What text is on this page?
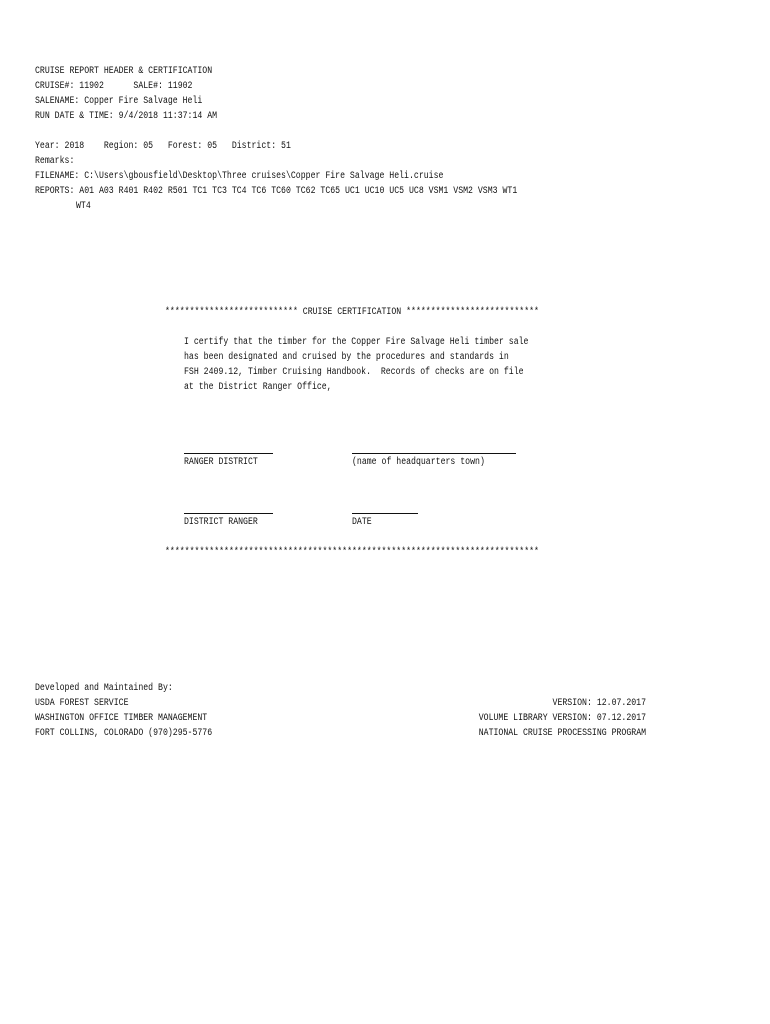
CRUISE REPORT HEADER & CERTIFICATION
CRUISE#: 11902      SALE#: 11902
SALENAME: Copper Fire Salvage Heli
RUN DATE & TIME: 9/4/2018 11:37:14 AM
Year: 2018    Region: 05   Forest: 05   District: 51
Remarks:
FILENAME: C:\Users\gbousfield\Desktop\Three cruises\Copper Fire Salvage Heli.cruise
REPORTS: A01 A03 R401 R402 R501 TC1 TC3 TC4 TC6 TC60 TC62 TC65 UC1 UC10 UC5 UC8 VSM1 VSM2 VSM3 WT1
WT4
*************************** CRUISE CERTIFICATION ***************************
I certify that the timber for the Copper Fire Salvage Heli timber sale
has been designated and cruised by the procedures and standards in
FSH 2409.12, Timber Cruising Handbook.  Records of checks are on file
at the District Ranger Office,
RANGER DISTRICT	(name of headquarters town)
DISTRICT RANGER	DATE
****************************************************************************
Developed and Maintained By:
USDA FOREST SERVICE
WASHINGTON OFFICE TIMBER MANAGEMENT
FORT COLLINS, COLORADO (970)295-5776
VERSION: 12.07.2017
VOLUME LIBRARY VERSION: 07.12.2017
NATIONAL CRUISE PROCESSING PROGRAM
